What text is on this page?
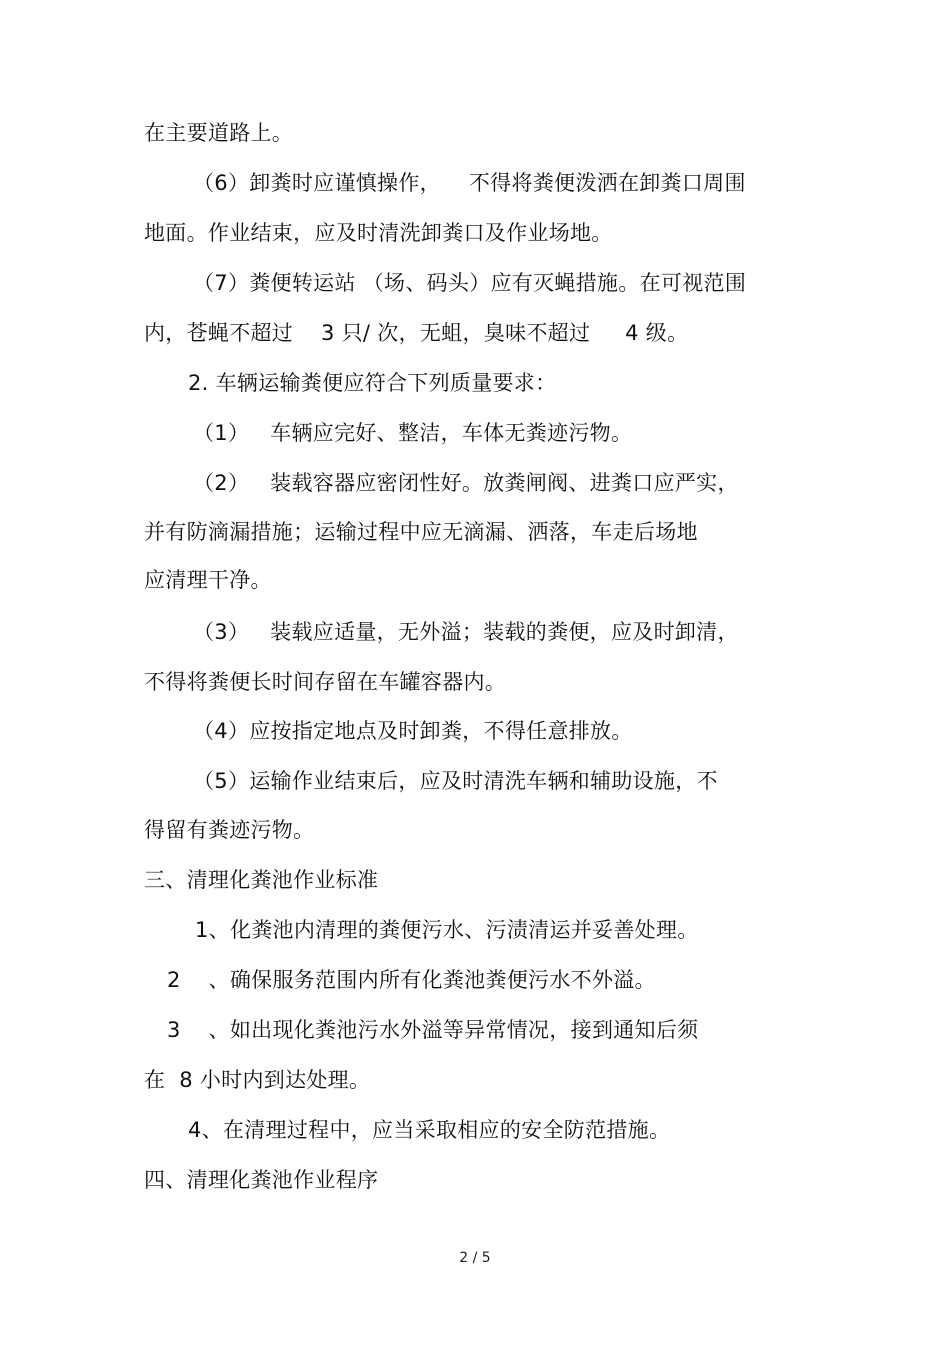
在主要道路上。
（6）卸粪时应谨慎操作，    不得将粪便泼洒在卸粪口周围
地面。作业结束，应及时清洗卸粪口及作业场地。
（7）粪便转运站 （场、码头）应有灭蝇措施。在可视范围
内，苍蝇不超过    3 只/ 次，无蛆，臭味不超过     4 级。
2. 车辆运输粪便应符合下列质量要求：
（1）   车辆应完好、整洁，车体无粪迹污物。
（2）   装载容器应密闭性好。放粪闸阀、进粪口应严实，
并有防滴漏措施；运输过程中应无滴漏、洒落，车走后场地
应清理干净。
（3）   装载应适量，无外溢；装载的粪便，应及时卸清，
不得将粪便长时间存留在车罐容器内。
（4）应按指定地点及时卸粪，不得任意排放。
（5）运输作业结束后，应及时清洗车辆和辅助设施，不
得留有粪迹污物。
三、清理化粪池作业标准
1、化粪池内清理的粪便污水、污渍清运并妥善处理。
2    、确保服务范围内所有化粪池粪便污水不外溢。
3    、如出现化粪池污水外溢等异常情况，接到通知后须
在  8 小时内到达处理。
4、在清理过程中，应当采取相应的安全防范措施。
四、清理化粪池作业程序
2 / 5
